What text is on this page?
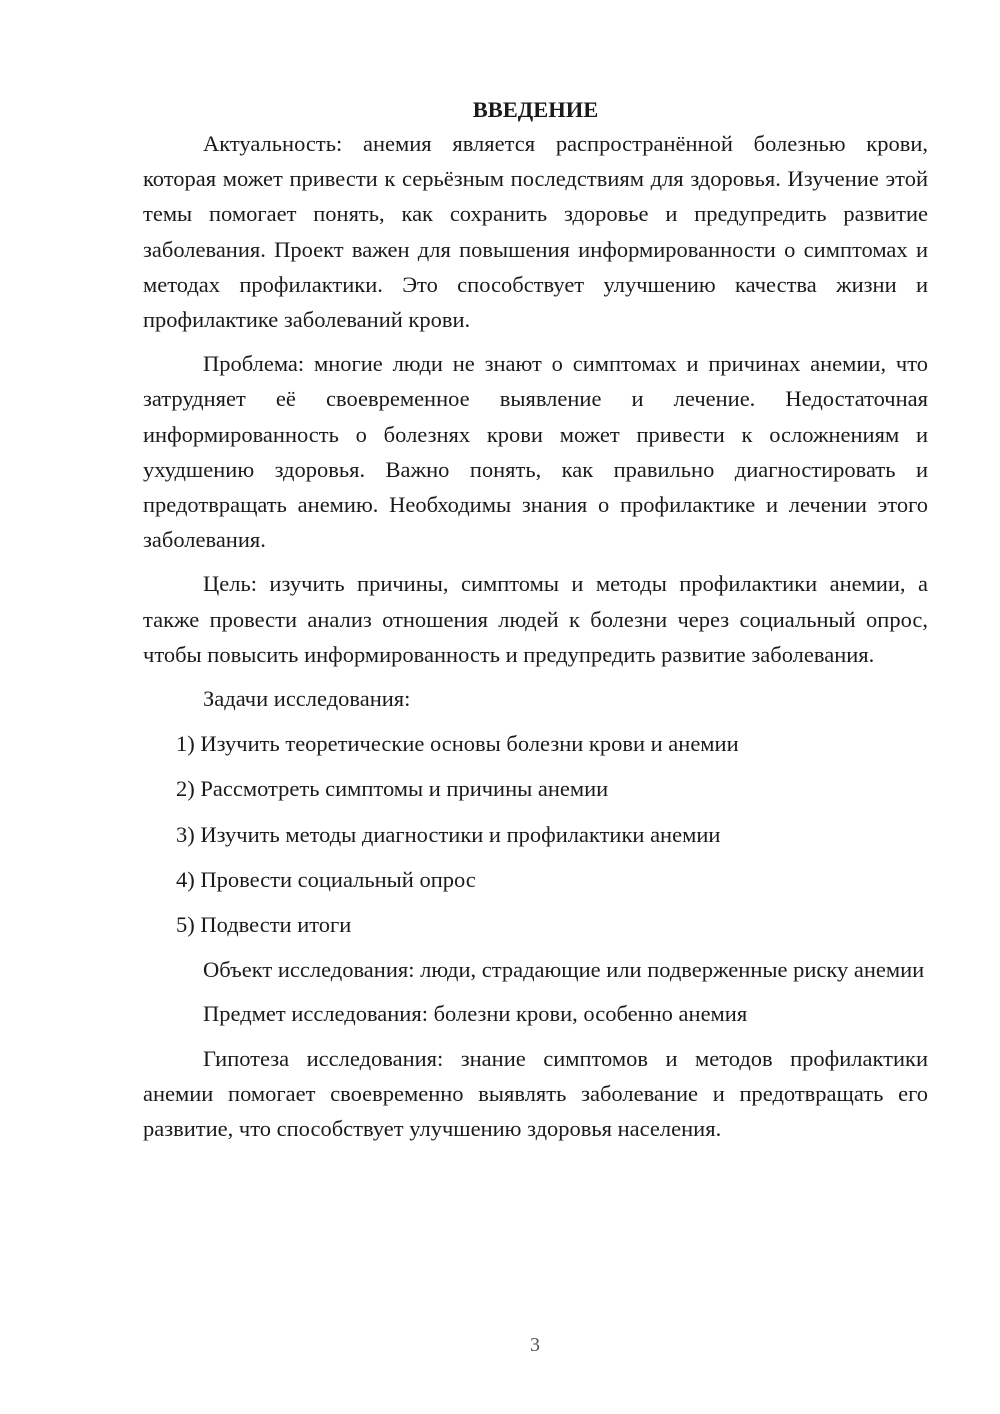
ВВЕДЕНИЕ

Актуальность: анемия является распространённой болезнью крови, которая может привести к серьёзным последствиям для здоровья. Изучение этой темы помогает понять, как сохранить здоровье и предупредить развитие заболевания. Проект важен для повышения информированности о симптомах и методах профилактики. Это способствует улучшению качества жизни и профилактике заболеваний крови.

Проблема: многие люди не знают о симптомах и причинах анемии, что затрудняет её своевременное выявление и лечение. Недостаточная информированность о болезнях крови может привести к осложнениям и ухудшению здоровья. Важно понять, как правильно диагностировать и предотвращать анемию. Необходимы знания о профилактике и лечении этого заболевания.

Цель: изучить причины, симптомы и методы профилактики анемии, а также провести анализ отношения людей к болезни через социальный опрос, чтобы повысить информированность и предупредить развитие заболевания.

Задачи исследования:

1) Изучить теоретические основы болезни крови и анемии
2) Рассмотреть симптомы и причины анемии
3) Изучить методы диагностики и профилактики анемии
4) Провести социальный опрос
5) Подвести итоги

Объект исследования: люди, страдающие или подверженные риску анемии

Предмет исследования: болезни крови, особенно анемия

Гипотеза исследования: знание симптомов и методов профилактики анемии помогает своевременно выявлять заболевание и предотвращать его развитие, что способствует улучшению здоровья населения.

3
